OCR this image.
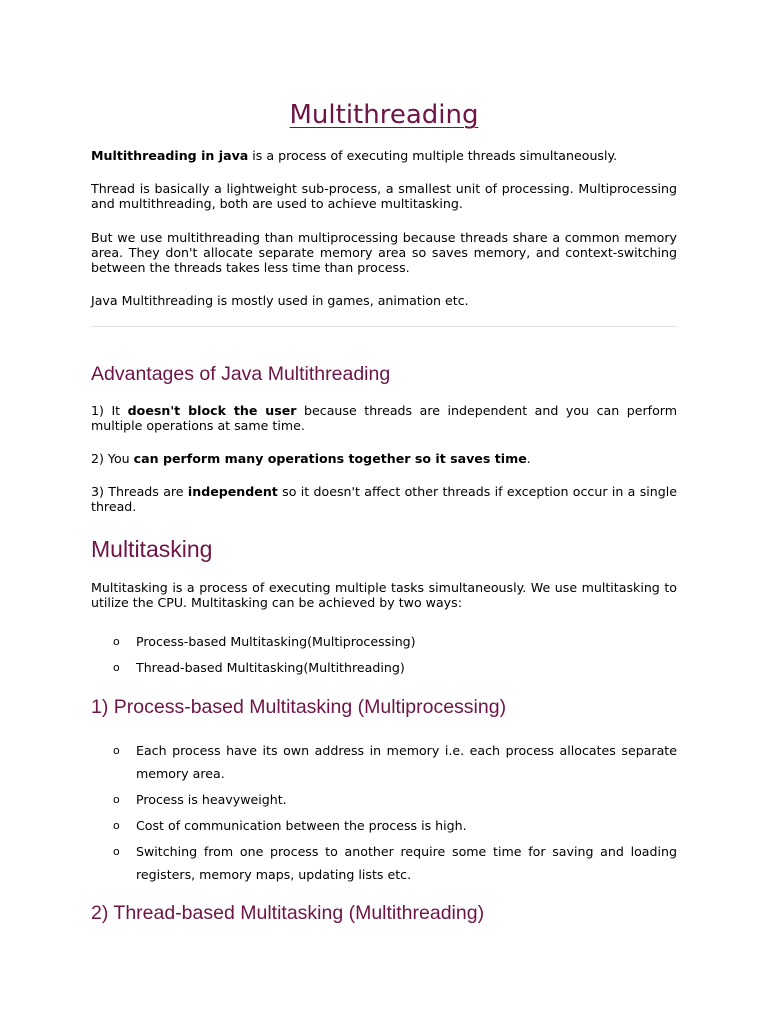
Multithreading

Multithreading in java is a process of executing multiple threads simultaneously.

Thread is basically a lightweight sub-process, a smallest unit of processing. Multiprocessing and multithreading, both are used to achieve multitasking.

But we use multithreading than multiprocessing because threads share a common memory area. They don't allocate separate memory area so saves memory, and context-switching between the threads takes less time than process.

Java Multithreading is mostly used in games, animation etc.

Advantages of Java Multithreading

1) It doesn't block the user because threads are independent and you can perform multiple operations at same time.

2) You can perform many operations together so it saves time.

3) Threads are independent so it doesn't affect other threads if exception occur in a single thread.

Multitasking

Multitasking is a process of executing multiple tasks simultaneously. We use multitasking to utilize the CPU. Multitasking can be achieved by two ways:

o Process-based Multitasking(Multiprocessing)
o Thread-based Multitasking(Multithreading)
1) Process-based Multitasking (Multiprocessing)
o Each process have its own address in memory i.e. each process allocates separate memory area.
o Process is heavyweight.
o Cost of communication between the process is high.
o Switching from one process to another require some time for saving and loading registers, memory maps, updating lists etc.
2) Thread-based Multitasking (Multithreading)
